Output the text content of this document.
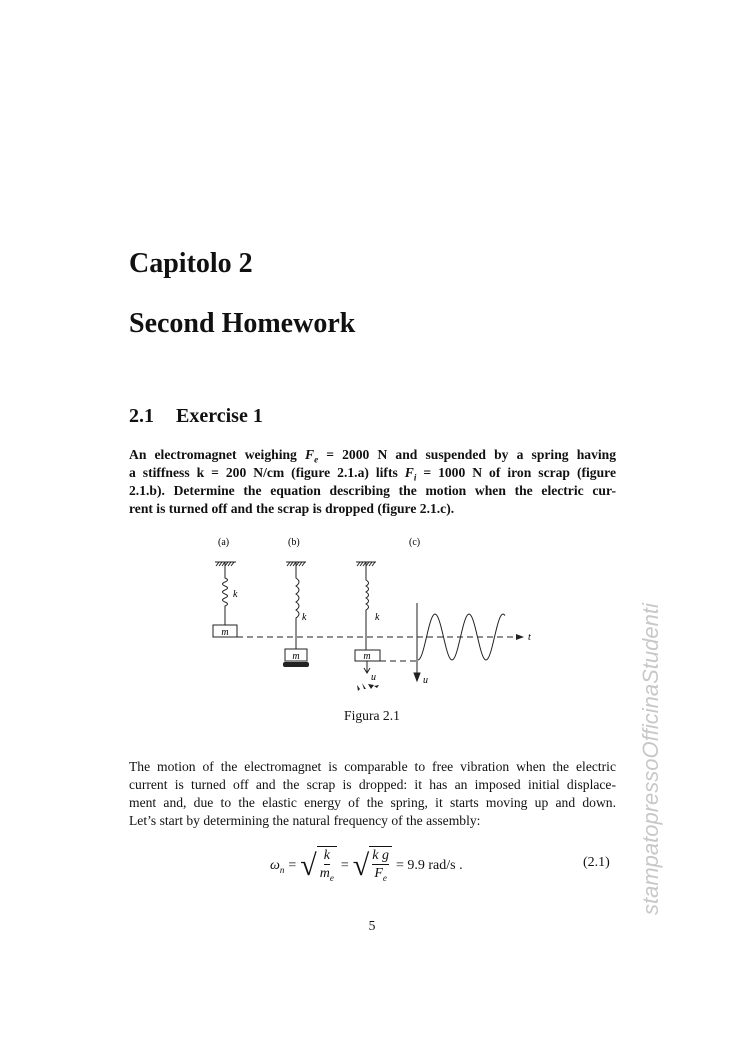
Capitolo 2
Second Homework
2.1 Exercise 1
An electromagnet weighing $F_e = 2000$ N and suspended by a spring having
a stiffness k = 200 N/cm (figure 2.1.a) lifts $F_i = 1000$ N of iron scrap (figure
2.1.b). Determine the equation describing the motion when the electric cur-
rent is turned off and the scrap is dropped (figure 2.1.c).
(a)	(b)	(c)
k
k	k
m
m	m
u
t
u
Figura 2.1
The motion of the electromagnet is comparable to free vibration when the electric
current is turned off and the scrap is dropped: it has an imposed initial displace-
ment and, due to the elastic energy of the spring, it starts moving up and down.
Let’s start by determining the natural frequency of the assembly:
$\omega_n$ = √ $\frac{k}{m_e}$ = √ $\frac{\text{k g}}{F_e} = 9.9$ rad/s .	(2.1)
5
stampatopressoOfficinaStudenti
